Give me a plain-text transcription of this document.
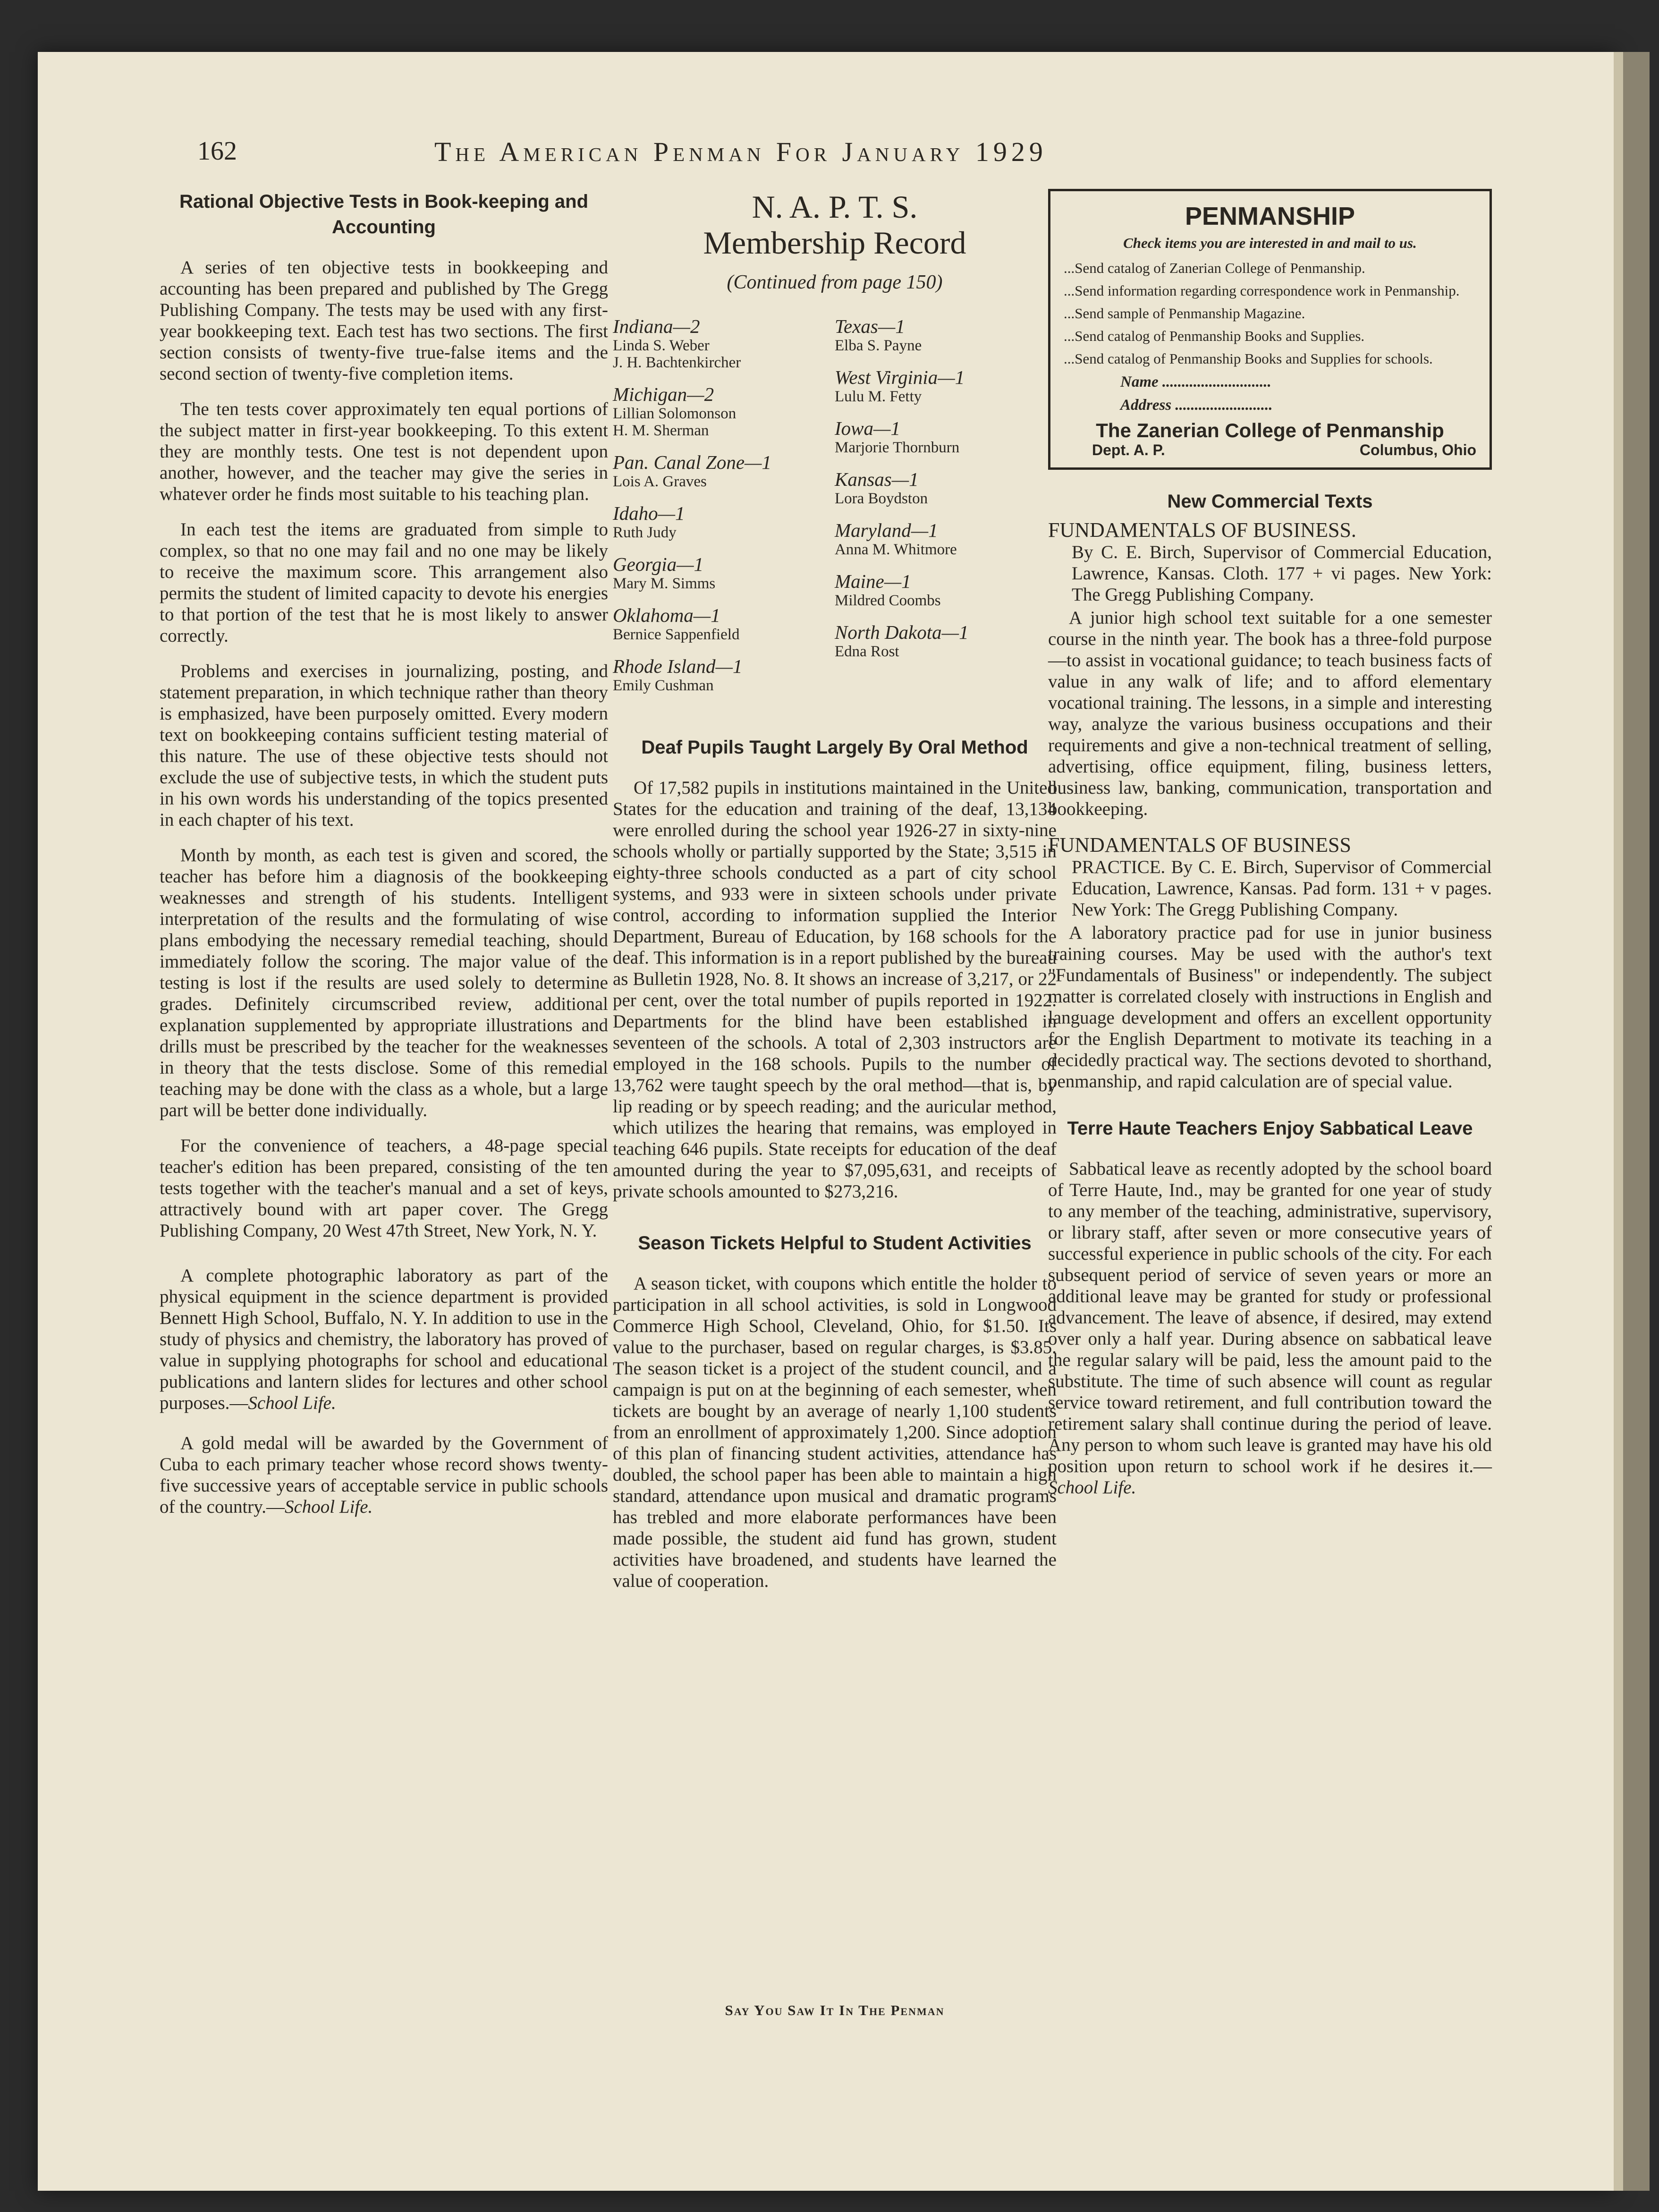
162	The American Penman For January 1929
Rational Objective Tests in Book-keeping and Accounting

A series of ten objective tests in bookkeeping and accounting has been prepared and published by The Gregg Publishing Company. The tests may be used with any first-year bookkeeping text. Each test has two sections. The first section consists of twenty-five true-false items and the second section of twenty-five completion items.

The ten tests cover approximately ten equal portions of the subject matter in first-year bookkeeping. To this extent they are monthly tests. One test is not dependent upon another, however, and the teacher may give the series in whatever order he finds most suitable to his teaching plan.

In each test the items are graduated from simple to complex, so that no one may fail and no one may be likely to receive the maximum score. This arrangement also permits the student of limited capacity to devote his energies to that portion of the test that he is most likely to answer correctly.

Problems and exercises in journalizing, posting, and statement preparation, in which technique rather than theory is emphasized, have been purposely omitted. Every modern text on bookkeeping contains sufficient testing material of this nature. The use of these objective tests should not exclude the use of subjective tests, in which the student puts in his own words his understanding of the topics presented in each chapter of his text.

Month by month, as each test is given and scored, the teacher has before him a diagnosis of the bookkeeping weaknesses and strength of his students. Intelligent interpretation of the results and the formulating of wise plans embodying the necessary remedial teaching, should immediately follow the scoring. The major value of the testing is lost if the results are used solely to determine grades. Definitely circumscribed review, additional explanation supplemented by appropriate illustrations and drills must be prescribed by the teacher for the weaknesses in theory that the tests disclose. Some of this remedial teaching may be done with the class as a whole, but a large part will be better done individually.

For the convenience of teachers, a 48-page special teacher's edition has been prepared, consisting of the ten tests together with the teacher's manual and a set of keys, attractively bound with art paper cover. The Gregg Publishing Company, 20 West 47th Street, New York, N. Y.

A complete photographic laboratory as part of the physical equipment in the science department is provided Bennett High School, Buffalo, N. Y. In addition to use in the study of physics and chemistry, the laboratory has proved of value in supplying photographs for school and educational publications and lantern slides for lectures and other school purposes.—School Life.

A gold medal will be awarded by the Government of Cuba to each primary teacher whose record shows twenty-five successive years of acceptable service in public schools of the country.—School Life.

N. A. P. T. S.
Membership Record
(Continued from page 150)
Indiana—2
Linda S. Weber
J. H. Bachtenkircher
Michigan—2
Lillian Solomonson
H. M. Sherman
Pan. Canal Zone—1
Lois A. Graves
Idaho—1
Ruth Judy
Georgia—1
Mary M. Simms
Oklahoma—1
Bernice Sappenfield
Rhode Island—1
Emily Cushman
Texas—1
Elba S. Payne
West Virginia—1
Lulu M. Fetty
Iowa—1
Marjorie Thornburn
Kansas—1
Lora Boydston
Maryland—1
Anna M. Whitmore
Maine—1
Mildred Coombs
North Dakota—1
Edna Rost
Deaf Pupils Taught Largely By Oral Method

Of 17,582 pupils in institutions maintained in the United States for the education and training of the deaf, 13,134 were enrolled during the school year 1926-27 in sixty-nine schools wholly or partially supported by the State; 3,515 in eighty-three schools conducted as a part of city school systems, and 933 were in sixteen schools under private control, according to information supplied the Interior Department, Bureau of Education, by 168 schools for the deaf. This information is in a report published by the bureau as Bulletin 1928, No. 8. It shows an increase of 3,217, or 22 per cent, over the total number of pupils reported in 1922. Departments for the blind have been established in seventeen of the schools. A total of 2,303 instructors are employed in the 168 schools. Pupils to the number of 13,762 were taught speech by the oral method—that is, by lip reading or by speech reading; and the auricular method, which utilizes the hearing that remains, was employed in teaching 646 pupils. State receipts for education of the deaf amounted during the year to $7,095,631, and receipts of private schools amounted to $273,216.

Season Tickets Helpful to Student Activities

A season ticket, with coupons which entitle the holder to participation in all school activities, is sold in Longwood Commerce High School, Cleveland, Ohio, for $1.50. Its value to the purchaser, based on regular charges, is $3.85. The season ticket is a project of the student council, and a campaign is put on at the beginning of each semester, when tickets are bought by an average of nearly 1,100 students from an enrollment of approximately 1,200. Since adoption of this plan of financing student activities, attendance has doubled, the school paper has been able to maintain a high standard, attendance upon musical and dramatic programs has trebled and more elaborate performances have been made possible, the student aid fund has grown, student activities have broadened, and students have learned the value of cooperation.

PENMANSHIP
Check items you are interested in and mail to us.
...Send catalog of Zanerian College of Penmanship.
...Send information regarding correspondence work in Penmanship.
...Send sample of Penmanship Magazine.
...Send catalog of Penmanship Books and Supplies.
...Send catalog of Penmanship Books and Supplies for schools.
Name ............................
Address .........................
The Zanerian College of Penmanship
Dept. A. P.	Columbus, Ohio
New Commercial Texts
FUNDAMENTALS OF BUSINESS.

By C. E. Birch, Supervisor of Commercial Education, Lawrence, Kansas. Cloth. 177 + vi pages. New York: The Gregg Publishing Company.

A junior high school text suitable for a one semester course in the ninth year. The book has a three-fold purpose—to assist in vocational guidance; to teach business facts of value in any walk of life; and to afford elementary vocational training. The lessons, in a simple and interesting way, analyze the various business occupations and their requirements and give a non-technical treatment of selling, advertising, office equipment, filing, business letters, business law, banking, communication, transportation and bookkeeping.

FUNDAMENTALS OF BUSINESS

PRACTICE. By C. E. Birch, Supervisor of Commercial Education, Lawrence, Kansas. Pad form. 131 + v pages. New York: The Gregg Publishing Company.

A laboratory practice pad for use in junior business training courses. May be used with the author's text "Fundamentals of Business" or independently. The subject matter is correlated closely with instructions in English and language development and offers an excellent opportunity for the English Department to motivate its teaching in a decidedly practical way. The sections devoted to shorthand, penmanship, and rapid calculation are of special value.

Terre Haute Teachers Enjoy Sabbatical Leave

Sabbatical leave as recently adopted by the school board of Terre Haute, Ind., may be granted for one year of study to any member of the teaching, administrative, supervisory, or library staff, after seven or more consecutive years of successful experience in public schools of the city. For each subsequent period of service of seven years or more an additional leave may be granted for study or professional advancement. The leave of absence, if desired, may extend over only a half year. During absence on sabbatical leave the regular salary will be paid, less the amount paid to the substitute. The time of such absence will count as regular service toward retirement, and full contribution toward the retirement salary shall continue during the period of leave. Any person to whom such leave is granted may have his old position upon return to school work if he desires it.—School Life.

Say You Saw It In The Penman
